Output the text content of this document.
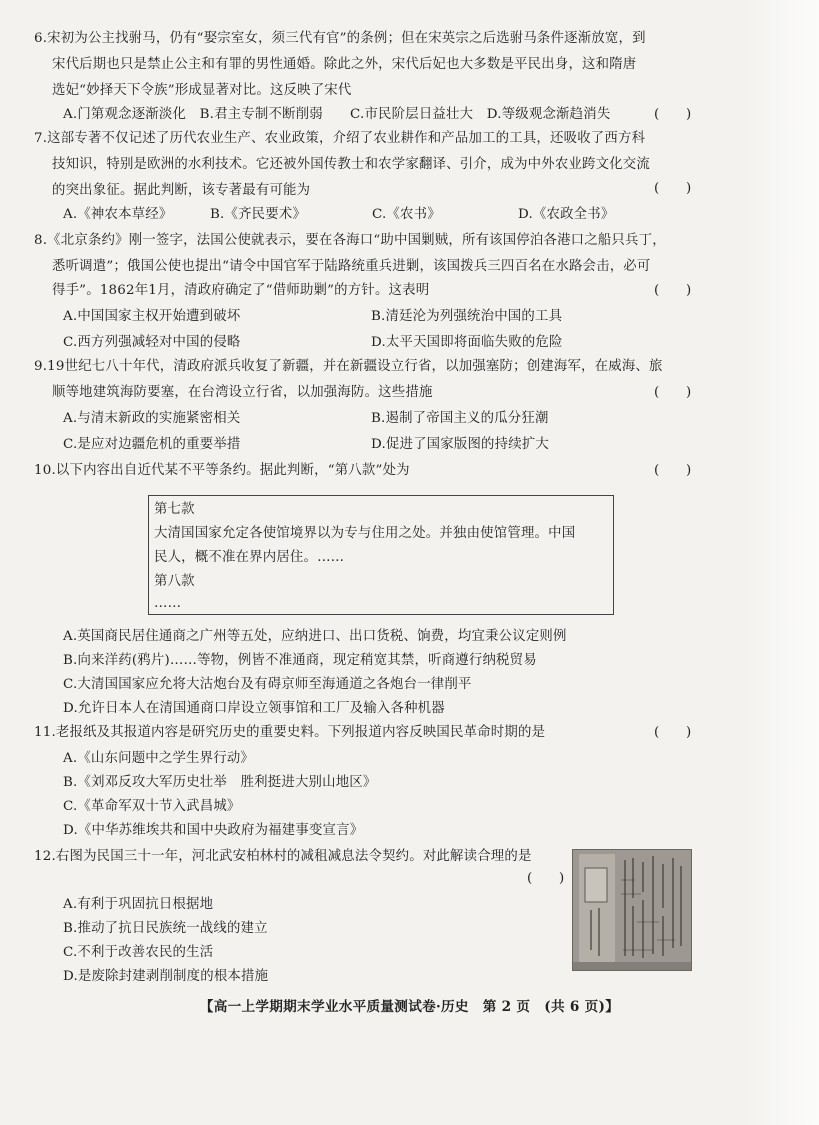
6.宋初为公主找驸马，仍有“娶宗室女，须三代有官”的条例；但在宋英宗之后选驸马条件逐渐放宽，到
宋代后期也只是禁止公主和有罪的男性通婚。除此之外，宋代后妃也大多数是平民出身，这和隋唐
选妃“妙择天下令族”形成显著对比。这反映了宋代
(　　)
A.门第观念逐渐淡化　B.君主专制不断削弱　　C.市民阶层日益壮大　D.等级观念渐趋消失
7.这部专著不仅记述了历代农业生产、农业政策，介绍了农业耕作和产品加工的工具，还吸收了西方科
技知识，特别是欧洲的水利技术。它还被外国传教士和农学家翻译、引介，成为中外农业跨文化交流
的突出象征。据此判断，该专著最有可能为	(　　)
A.《神农本草经》	B.《齐民要术》	C.《农书》	D.《农政全书》
8.《北京条约》刚一签字，法国公使就表示，要在各海口“助中国剿贼，所有该国停泊各港口之船只兵丁，
悉听调遣”；俄国公使也提出“请令中国官军于陆路统重兵进剿，该国拨兵三四百名在水路会击，必可
得手”。1862年1月，清政府确定了“借师助剿”的方针。这表明	(　　)
A.中国国家主权开始遭到破坏	B.清廷沦为列强统治中国的工具
C.西方列强减轻对中国的侵略	D.太平天国即将面临失败的危险
9.19世纪七八十年代，清政府派兵收复了新疆，并在新疆设立行省，以加强塞防；创建海军，在威海、旅
顺等地建筑海防要塞，在台湾设立行省，以加强海防。这些措施	(　　)
A.与清末新政的实施紧密相关	B.遏制了帝国主义的瓜分狂潮
C.是应对边疆危机的重要举措	D.促进了国家版图的持续扩大
10.以下内容出自近代某不平等条约。据此判断，“第八款”处为	(　　)
第七款
大清国国家允定各使馆境界以为专与住用之处。并独由使馆管理。中国
民人，概不准在界内居住。……
第八款
……
A.英国商民居住通商之广州等五处，应纳进口、出口货税、饷费，均宜秉公议定则例
B.向来洋药(鸦片)……等物，例皆不准通商，现定稍宽其禁，听商遵行纳税贸易
C.大清国国家应允将大沽炮台及有碍京师至海通道之各炮台一律削平
D.允许日本人在清国通商口岸设立领事馆和工厂及输入各种机器
11.老报纸及其报道内容是研究历史的重要史料。下列报道内容反映国民革命时期的是	(　　)
A.《山东问题中之学生界行动》
B.《刘邓反攻大军历史壮举　胜利挺进大别山地区》
C.《革命军双十节入武昌城》
D.《中华苏维埃共和国中央政府为福建事变宣言》
12.右图为民国三十一年，河北武安柏林村的减租减息法令契约。对此解读合理的是
(　　)
A.有利于巩固抗日根据地
B.推动了抗日民族统一战线的建立
C.不利于改善农民的生活
D.是废除封建剥削制度的根本措施
【高一上学期期末学业水平质量测试卷·历史　第 2 页　(共 6 页)】
